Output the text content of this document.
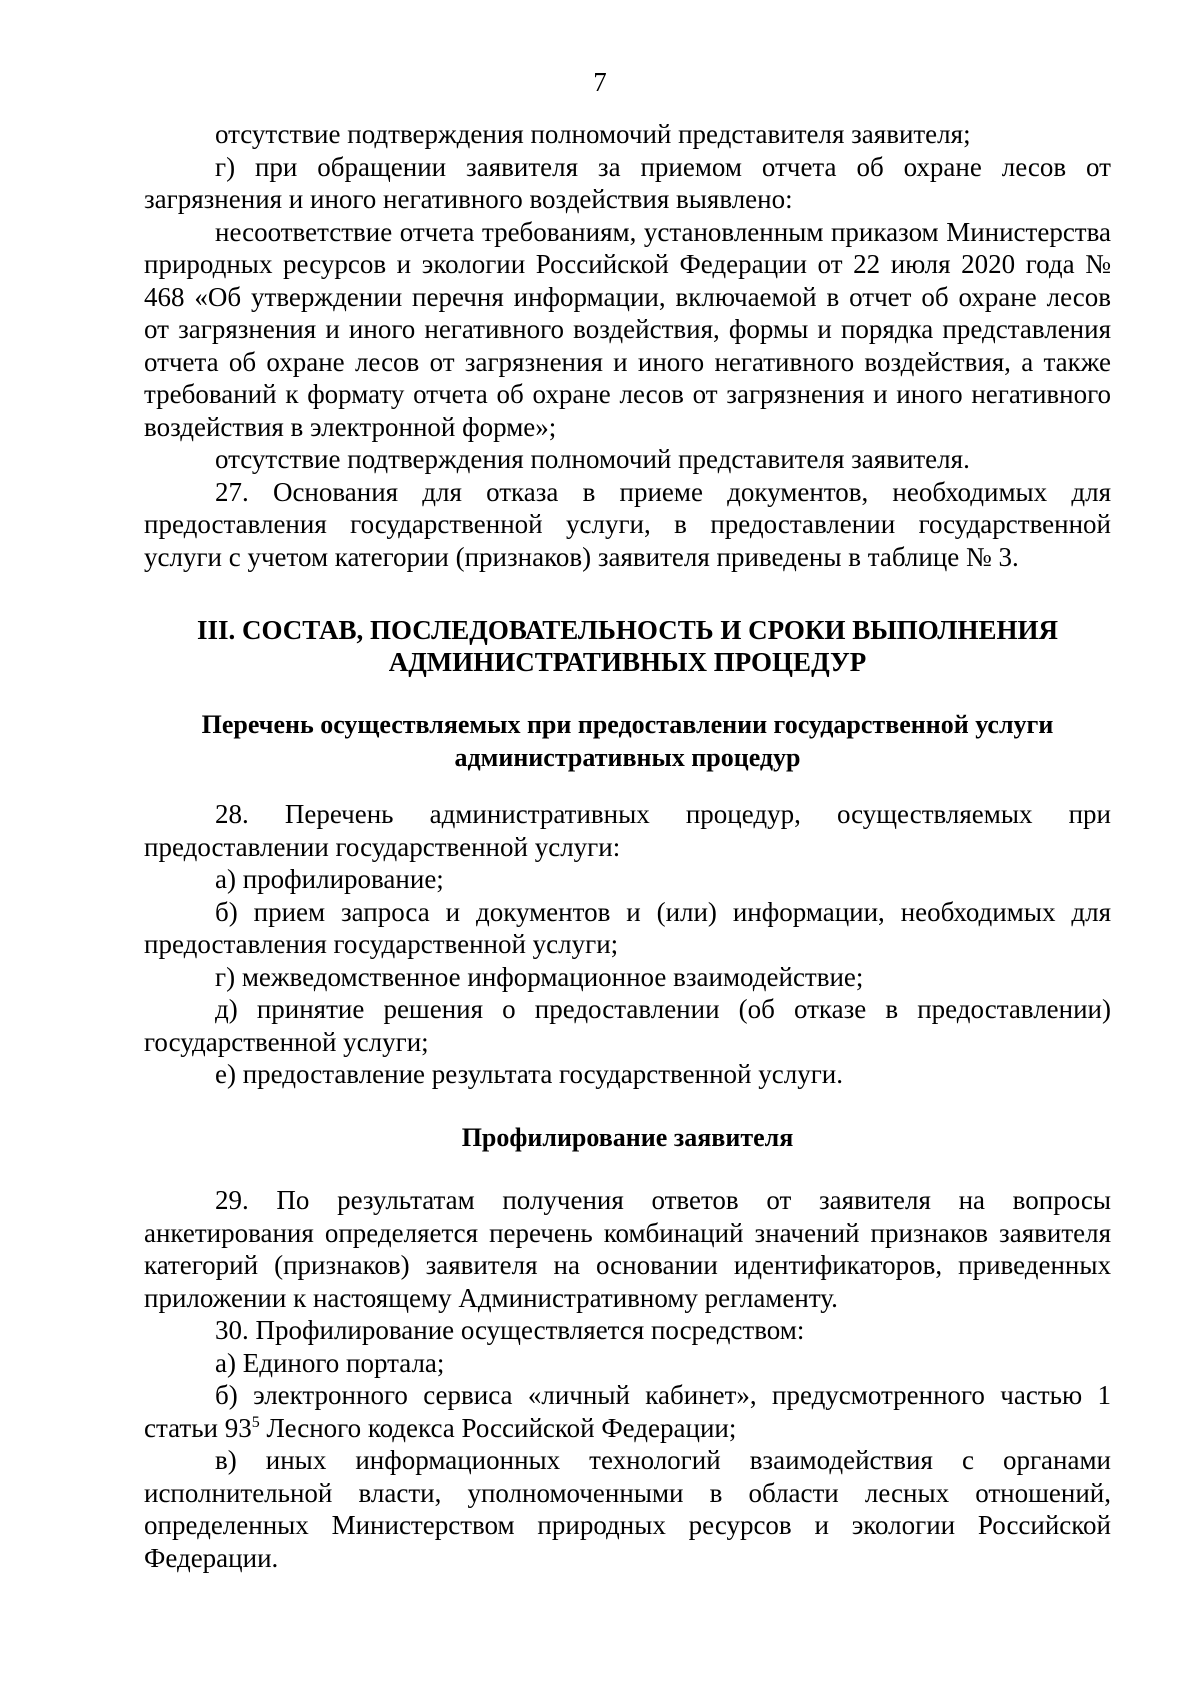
7

отсутствие подтверждения полномочий представителя заявителя;

г) при обращении заявителя за приемом отчета об охране лесов от загрязнения и иного негативного воздействия выявлено:

несоответствие отчета требованиям, установленным приказом Министерства природных ресурсов и экологии Российской Федерации от 22 июля 2020 года № 468 «Об утверждении перечня информации, включаемой в отчет об охране лесов от загрязнения и иного негативного воздействия, формы и порядка представления отчета об охране лесов от загрязнения и иного негативного воздействия, а также требований к формату отчета об охране лесов от загрязнения и иного негативного воздействия в электронной форме»;

отсутствие подтверждения полномочий представителя заявителя.

27. Основания для отказа в приеме документов, необходимых для предоставления государственной услуги, в предоставлении государственной услуги с учетом категории (признаков) заявителя приведены в таблице № 3.

III. СОСТАВ, ПОСЛЕДОВАТЕЛЬНОСТЬ И СРОКИ ВЫПОЛНЕНИЯ

АДМИНИСТРАТИВНЫХ ПРОЦЕДУР

Перечень осуществляемых при предоставлении государственной услуги

административных процедур

28. Перечень административных процедур, осуществляемых при предоставлении государственной услуги:

а) профилирование;

б) прием запроса и документов и (или) информации, необходимых для предоставления государственной услуги;

г) межведомственное информационное взаимодействие;

д) принятие решения о предоставлении (об отказе в предоставлении) государственной услуги;

е) предоставление результата государственной услуги.

Профилирование заявителя

29. По результатам получения ответов от заявителя на вопросы анкетирования определяется перечень комбинаций значений признаков заявителя категорий (признаков) заявителя на основании идентификаторов, приведенных приложении к настоящему Административному регламенту.

30. Профилирование осуществляется посредством:

а) Единого портала;

б) электронного сервиса «личный кабинет», предусмотренного частью 1 статьи $93^5$ Лесного кодекса Российской Федерации;

в) иных информационных технологий взаимодействия с органами исполнительной власти, уполномоченными в области лесных отношений, определенных Министерством природных ресурсов и экологии Российской Федерации.
